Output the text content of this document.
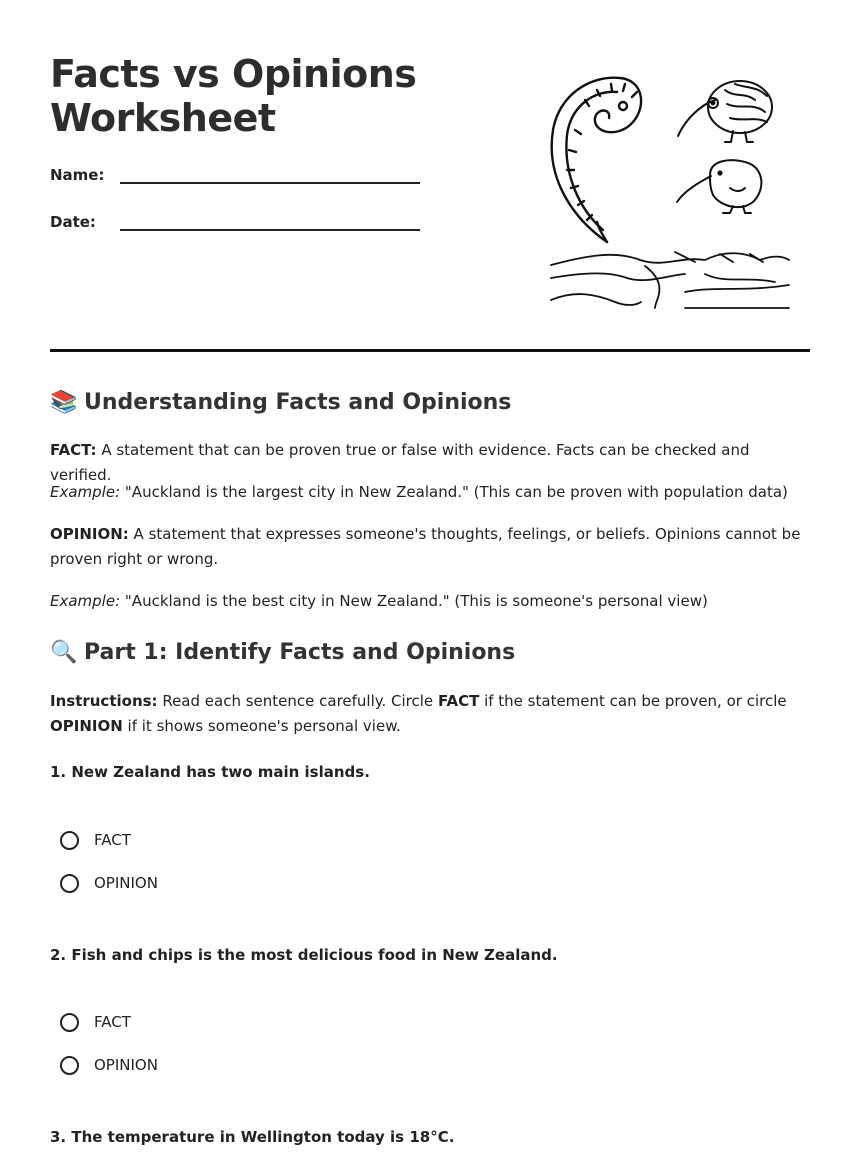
Facts vs Opinions
Worksheet
Name:
Date:
📚 Understanding Facts and Opinions

FACT: A statement that can be proven true or false with evidence. Facts can be checked and verified.

Example: "Auckland is the largest city in New Zealand." (This can be proven with population data)

OPINION: A statement that expresses someone's thoughts, feelings, or beliefs. Opinions cannot be proven right or wrong.

Example: "Auckland is the best city in New Zealand." (This is someone's personal view)

🔍 Part 1: Identify Facts and Opinions

Instructions: Read each sentence carefully. Circle FACT if the statement can be proven, or circle OPINION if it shows someone's personal view.

1. New Zealand has two main islands.

FACT
OPINION

2. Fish and chips is the most delicious food in New Zealand.

FACT
OPINION

3. The temperature in Wellington today is 18°C.
